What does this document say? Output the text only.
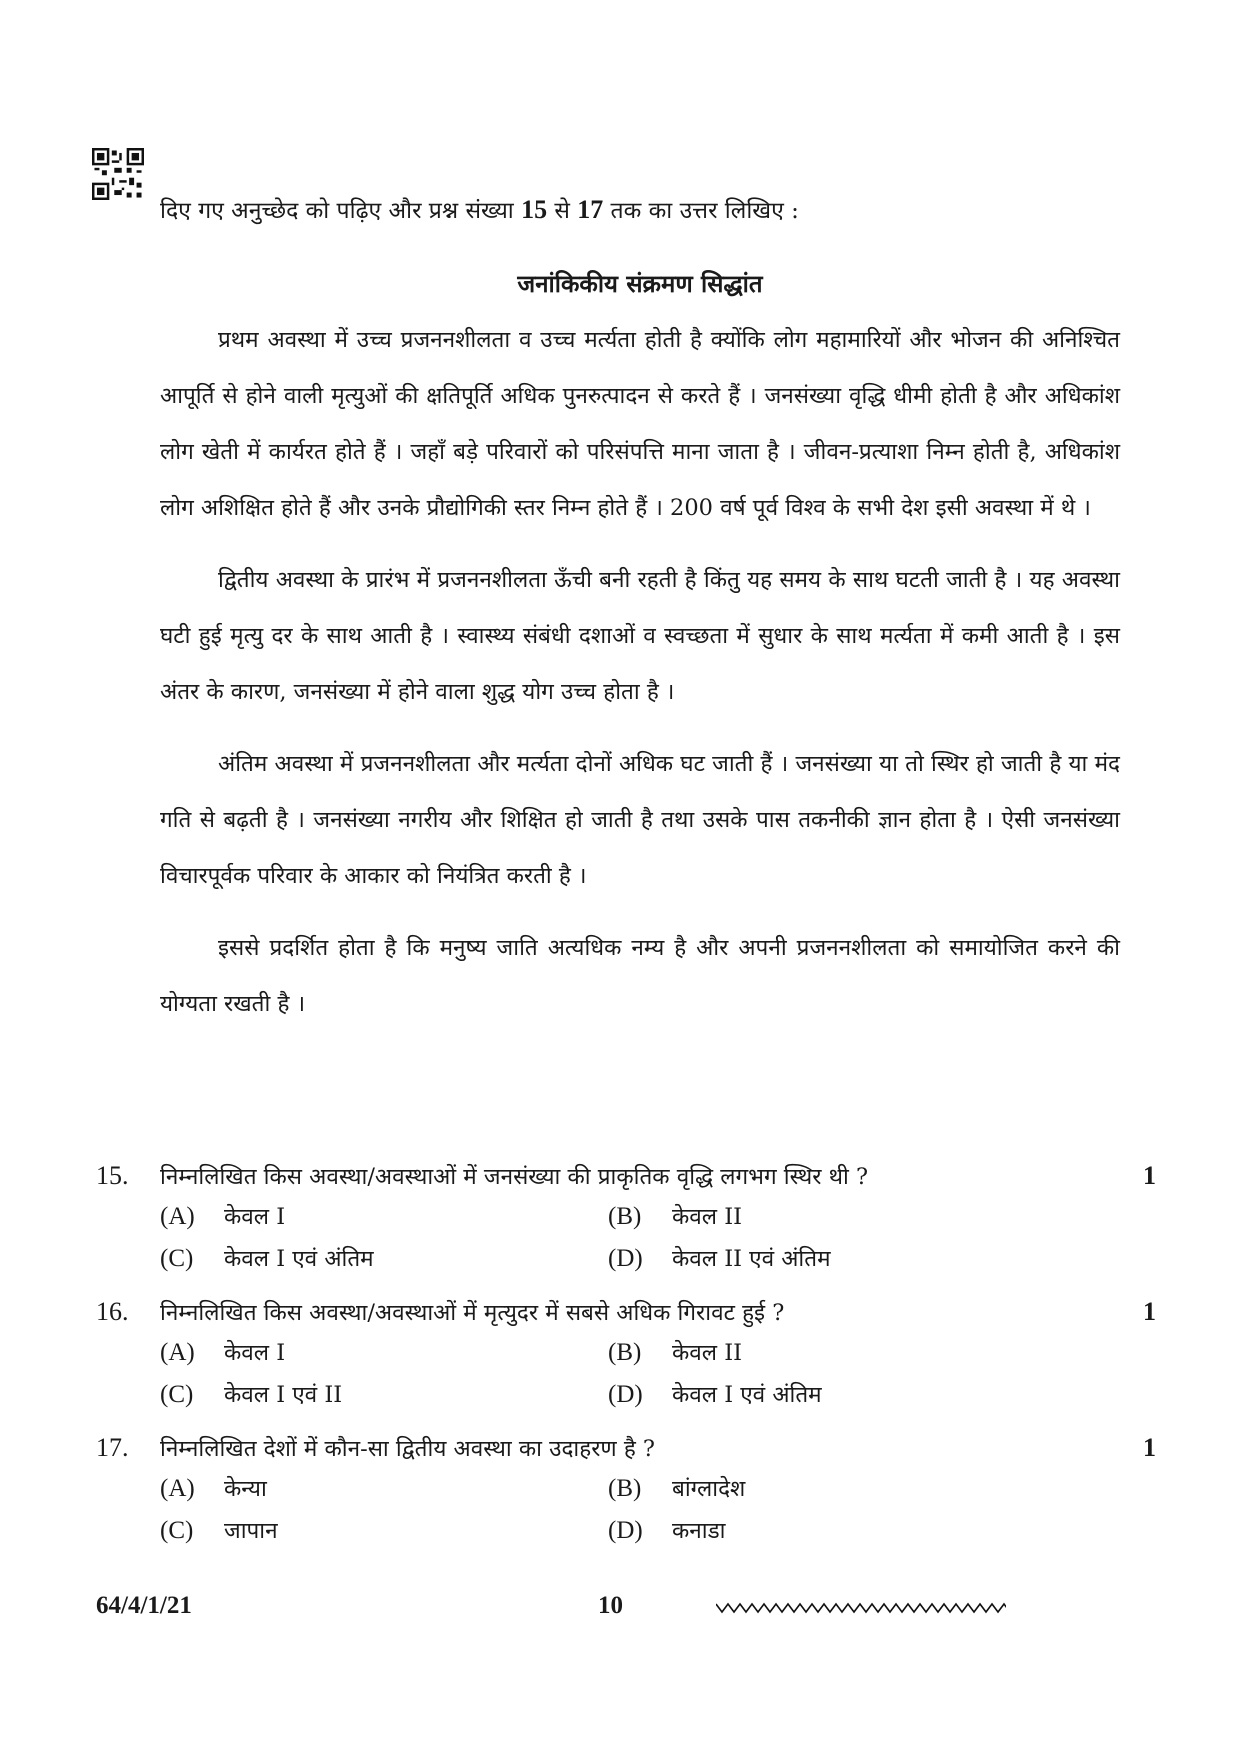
दिए गए अनुच्छेद को पढ़िए और प्रश्न संख्या 15 से 17 तक का उत्तर लिखिए :
जनांकिकीय संक्रमण सिद्धांत

प्रथम अवस्था में उच्च प्रजननशीलता व उच्च मर्त्यता होती है क्योंकि लोग महामारियों और भोजन की अनिश्चित आपूर्ति से होने वाली मृत्युओं की क्षतिपूर्ति अधिक पुनरुत्पादन से करते हैं । जनसंख्या वृद्धि धीमी होती है और अधिकांश लोग खेती में कार्यरत होते हैं । जहाँ बड़े परिवारों को परिसंपत्ति माना जाता है । जीवन-प्रत्याशा निम्न होती है, अधिकांश लोग अशिक्षित होते हैं और उनके प्रौद्योगिकी स्तर निम्न होते हैं । 200 वर्ष पूर्व विश्व के सभी देश इसी अवस्था में थे ।

द्वितीय अवस्था के प्रारंभ में प्रजननशीलता ऊँची बनी रहती है किंतु यह समय के साथ घटती जाती है । यह अवस्था घटी हुई मृत्यु दर के साथ आती है । स्वास्थ्य संबंधी दशाओं व स्वच्छता में सुधार के साथ मर्त्यता में कमी आती है । इस अंतर के कारण, जनसंख्या में होने वाला शुद्ध योग उच्च होता है ।

अंतिम अवस्था में प्रजननशीलता और मर्त्यता दोनों अधिक घट जाती हैं । जनसंख्या या तो स्थिर हो जाती है या मंद गति से बढ़ती है । जनसंख्या नगरीय और शिक्षित हो जाती है तथा उसके पास तकनीकी ज्ञान होता है । ऐसी जनसंख्या विचारपूर्वक परिवार के आकार को नियंत्रित करती है ।

इससे प्रदर्शित होता है कि मनुष्य जाति अत्यधिक नम्य है और अपनी प्रजननशीलता को समायोजित करने की योग्यता रखती है ।

15.	निम्नलिखित किस अवस्था/अवस्थाओं में जनसंख्या की प्राकृतिक वृद्धि लगभग स्थिर थी ?	1
(A)	केवल I	(B)	केवल II
(C)	केवल I एवं अंतिम	(D)	केवल II एवं अंतिम
16.	निम्नलिखित किस अवस्था/अवस्थाओं में मृत्युदर में सबसे अधिक गिरावट हुई ?	1
(A)	केवल I	(B)	केवल II
(C)	केवल I एवं II	(D)	केवल I एवं अंतिम
17.	निम्नलिखित देशों में कौन-सा द्वितीय अवस्था का उदाहरण है ?	1
(A)	केन्या	(B)	बांग्लादेश
(C)	जापान	(D)	कनाडा
64/4/1/21	10
